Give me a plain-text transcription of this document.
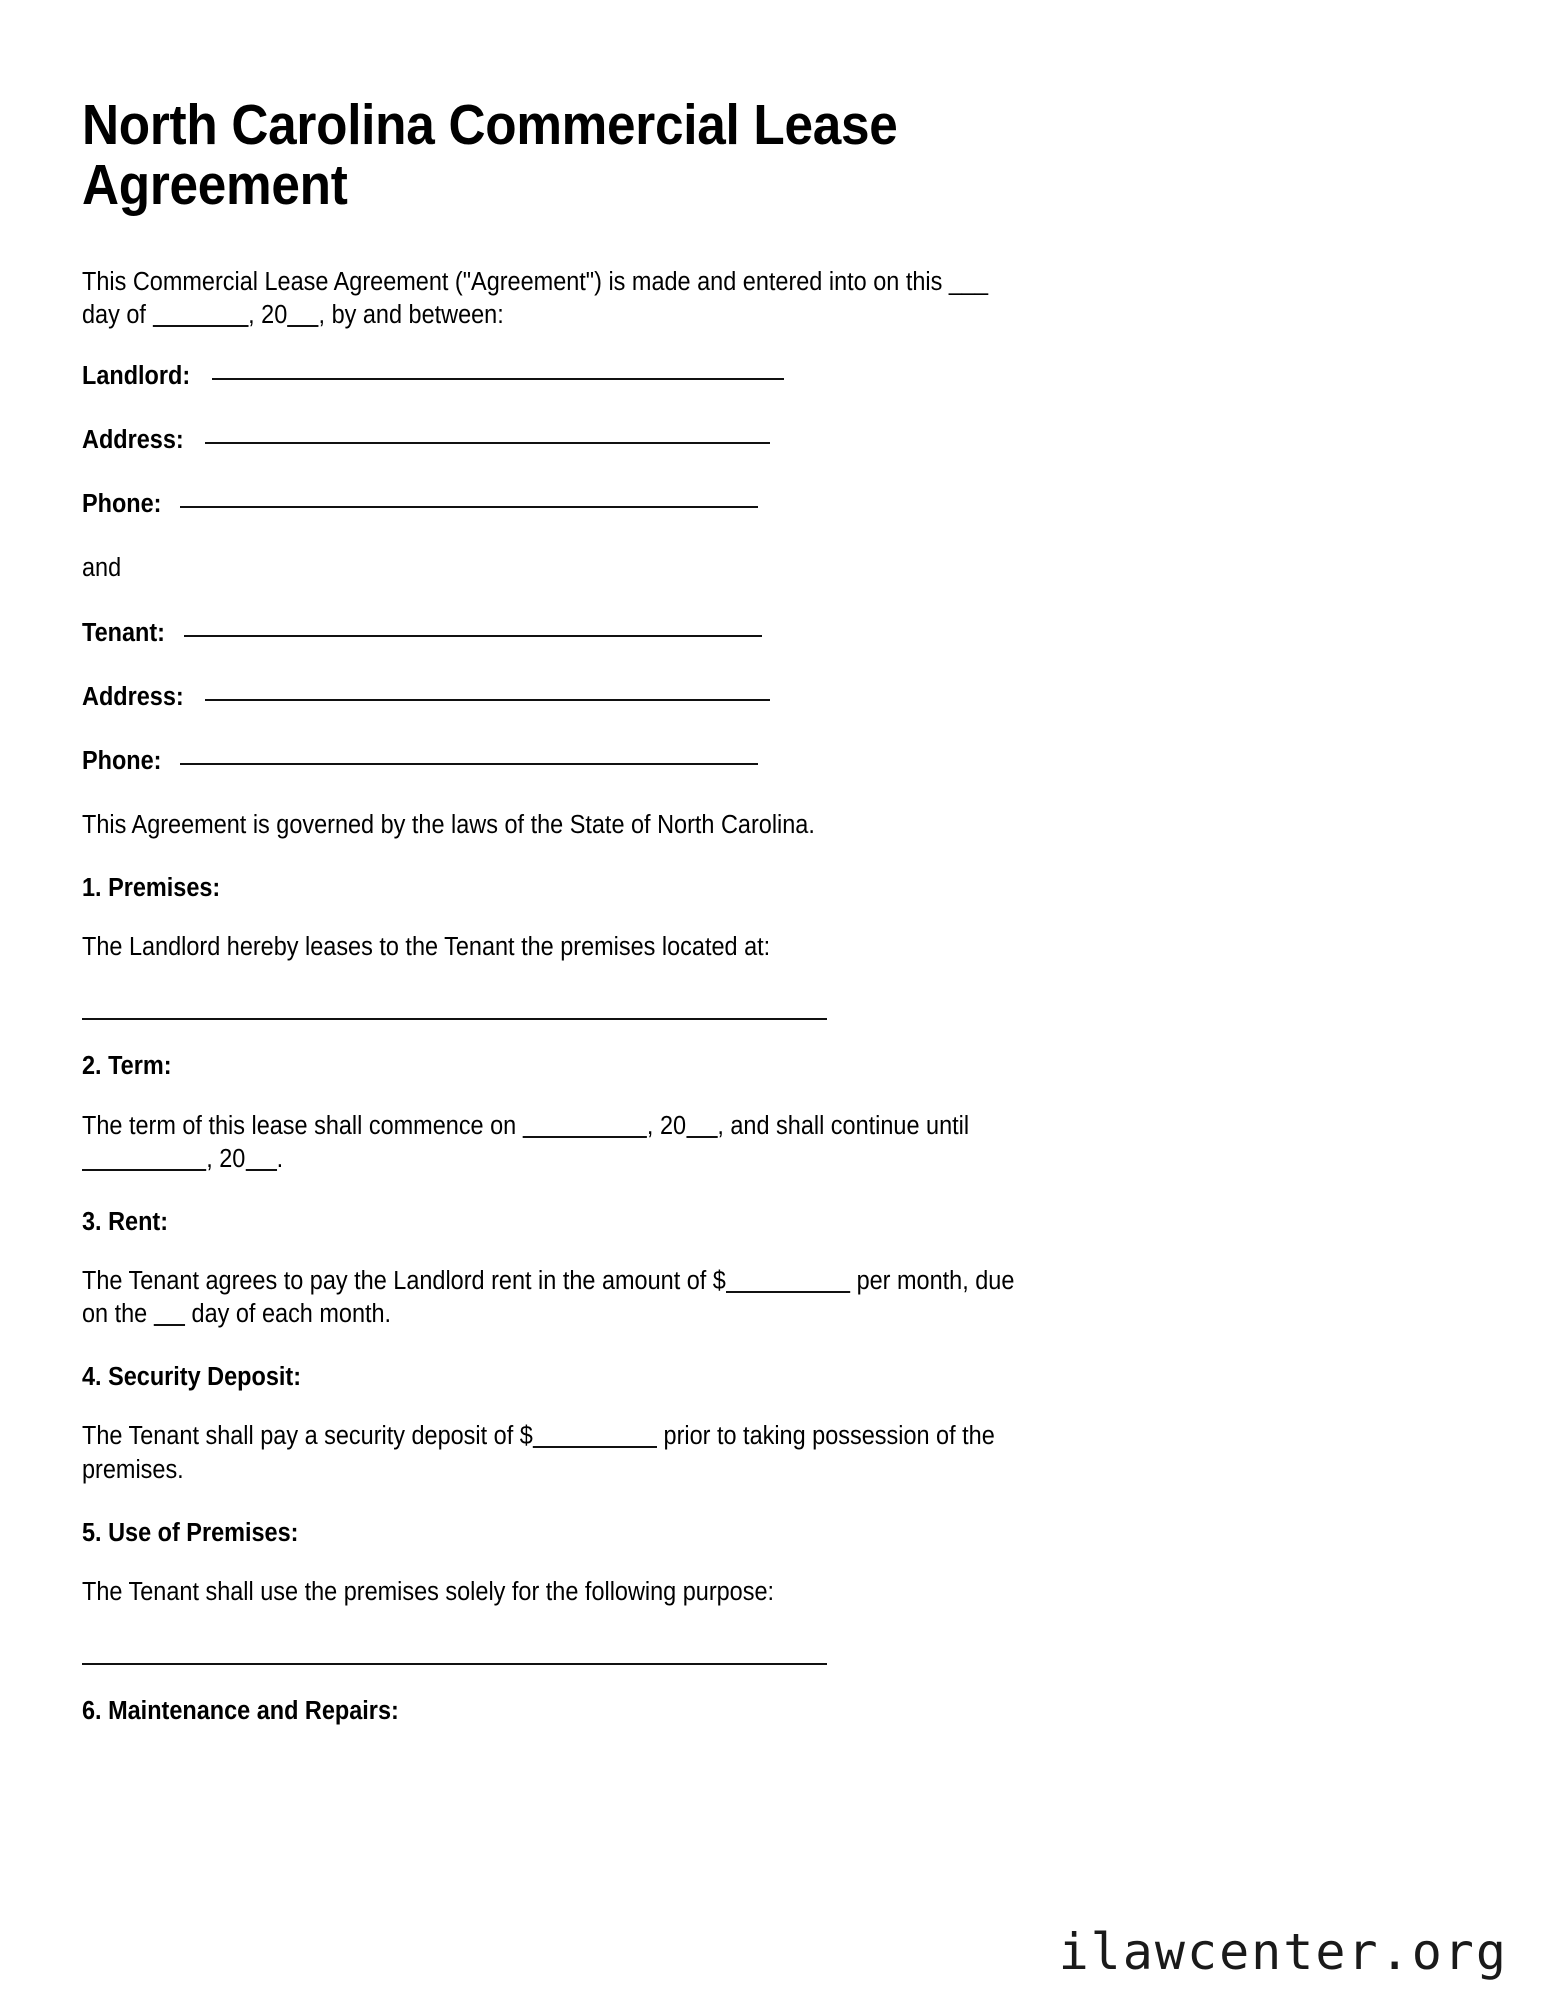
North Carolina Commercial Lease Agreement

This Commercial Lease Agreement ("Agreement") is made and entered into on this ___
day of	, 20 , by and between:

Landlord:
Address:
Phone:

and

Tenant:
Address:
Phone:

This Agreement is governed by the laws of the State of North Carolina.

1. Premises:

The Landlord hereby leases to the Tenant the premises located at:

2. Term:

The term of this lease shall commence on	, 20 , and shall continue until
, 20 .

3. Rent:

The Tenant agrees to pay the Landlord rent in the amount of $	per month, due
on the  day of each month.

4. Security Deposit:

The Tenant shall pay a security deposit of $	prior to taking possession of the
premises.

5. Use of Premises:

The Tenant shall use the premises solely for the following purpose:

6. Maintenance and Repairs:

ilawcenter.org
